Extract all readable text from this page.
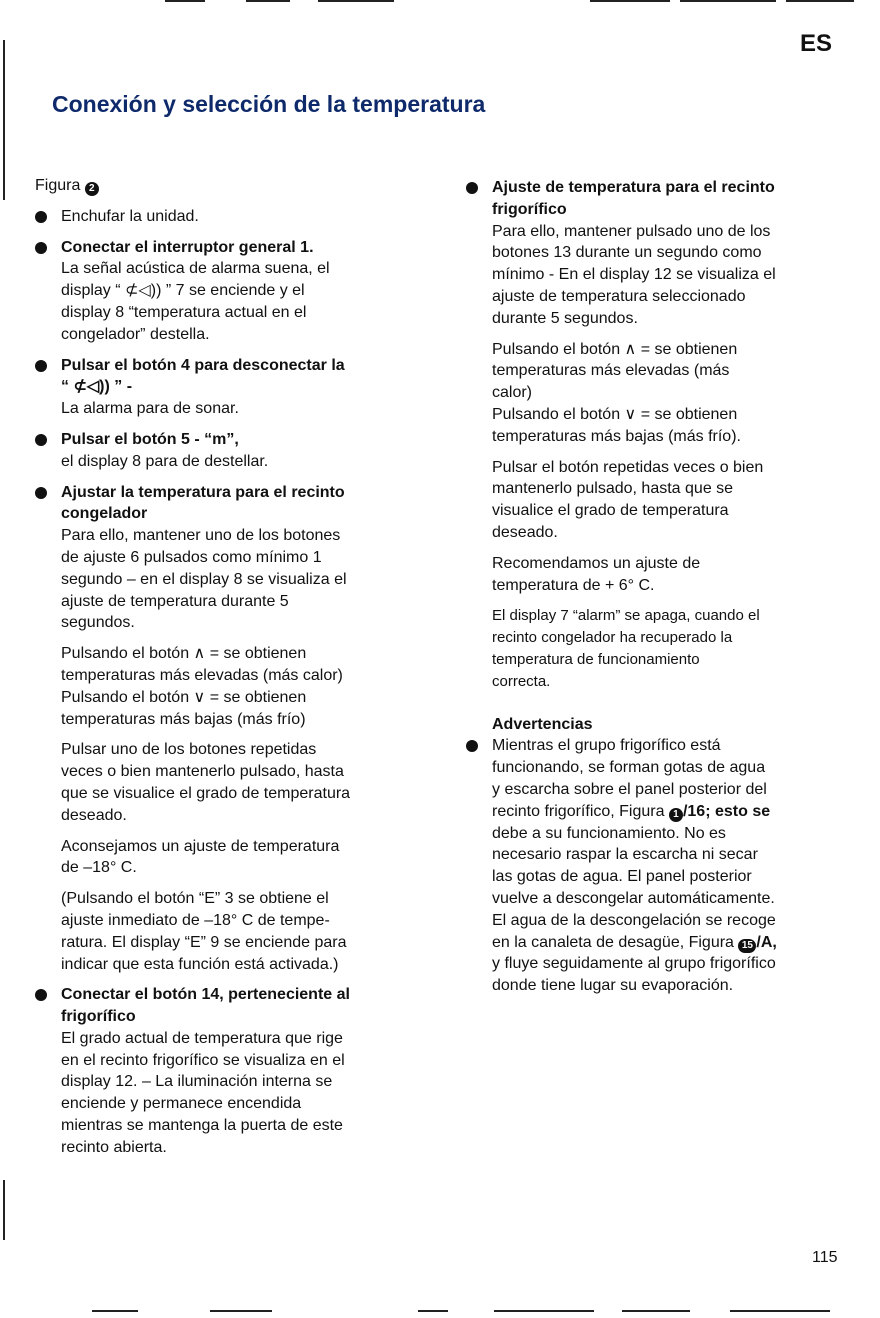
ES
Conexión y selección de la temperatura

Figura 2

Enchufar la unidad.

Conectar el interruptor general 1.

La señal acústica de alarma suena, el

display “ ⊄◁)) ” 7 se enciende y el

display 8 “temperatura actual en el

congelador” destella.

Pulsar el botón 4 para desconectar la

“ ⊄◁)) ” -

La alarma para de sonar.

Pulsar el botón 5 - “m”,

el display 8 para de destellar.

Ajustar la temperatura para el recinto

congelador

Para ello, mantener uno de los botones

de ajuste 6 pulsados como mínimo 1

segundo – en el display 8 se visualiza el

ajuste de temperatura durante 5

segundos.

Pulsando el botón ∧ = se obtienen

temperaturas más elevadas (más calor)

Pulsando el botón ∨ = se obtienen

temperaturas más bajas (más frío)

Pulsar uno de los botones repetidas

veces o bien mantenerlo pulsado, hasta

que se visualice el grado de temperatura

deseado.

Aconsejamos un ajuste de temperatura

de –18° C.

(Pulsando el botón “E” 3 se obtiene el

ajuste inmediato de –18° C de tempe-

ratura. El display “E” 9 se enciende para

indicar que esta función está activada.)

Conectar el botón 14, perteneciente al

frigorífico

El grado actual de temperatura que rige

en el recinto frigorífico se visualiza en el

display 12. – La iluminación interna se

enciende y permanece encendida

mientras se mantenga la puerta de este

recinto abierta.

Ajuste de temperatura para el recinto

frigorífico

Para ello, mantener pulsado uno de los

botones 13 durante un segundo como

mínimo - En el display 12 se visualiza el

ajuste de temperatura seleccionado

durante 5 segundos.

Pulsando el botón ∧ = se obtienen

temperaturas más elevadas (más

calor)

Pulsando el botón ∨ = se obtienen

temperaturas más bajas (más frío).

Pulsar el botón repetidas veces o bien

mantenerlo pulsado, hasta que se

visualice el grado de temperatura

deseado.

Recomendamos un ajuste de

temperatura de + 6° C.

El display 7 “alarm” se apaga, cuando el

recinto congelador ha recuperado la

temperatura de funcionamiento

correcta.

Advertencias

Mientras el grupo frigorífico está

funcionando, se forman gotas de agua

y escarcha sobre el panel posterior del

recinto frigorífico, Figura 1 /16; esto se

debe a su funcionamiento. No es

necesario raspar la escarcha ni secar

las gotas de agua. El panel posterior

vuelve a descongelar automáticamente.

El agua de la descongelación se recoge

en la canaleta de desagüe, Figura 15 /A,

y fluye seguidamente al grupo frigorífico

donde tiene lugar su evaporación.

115
